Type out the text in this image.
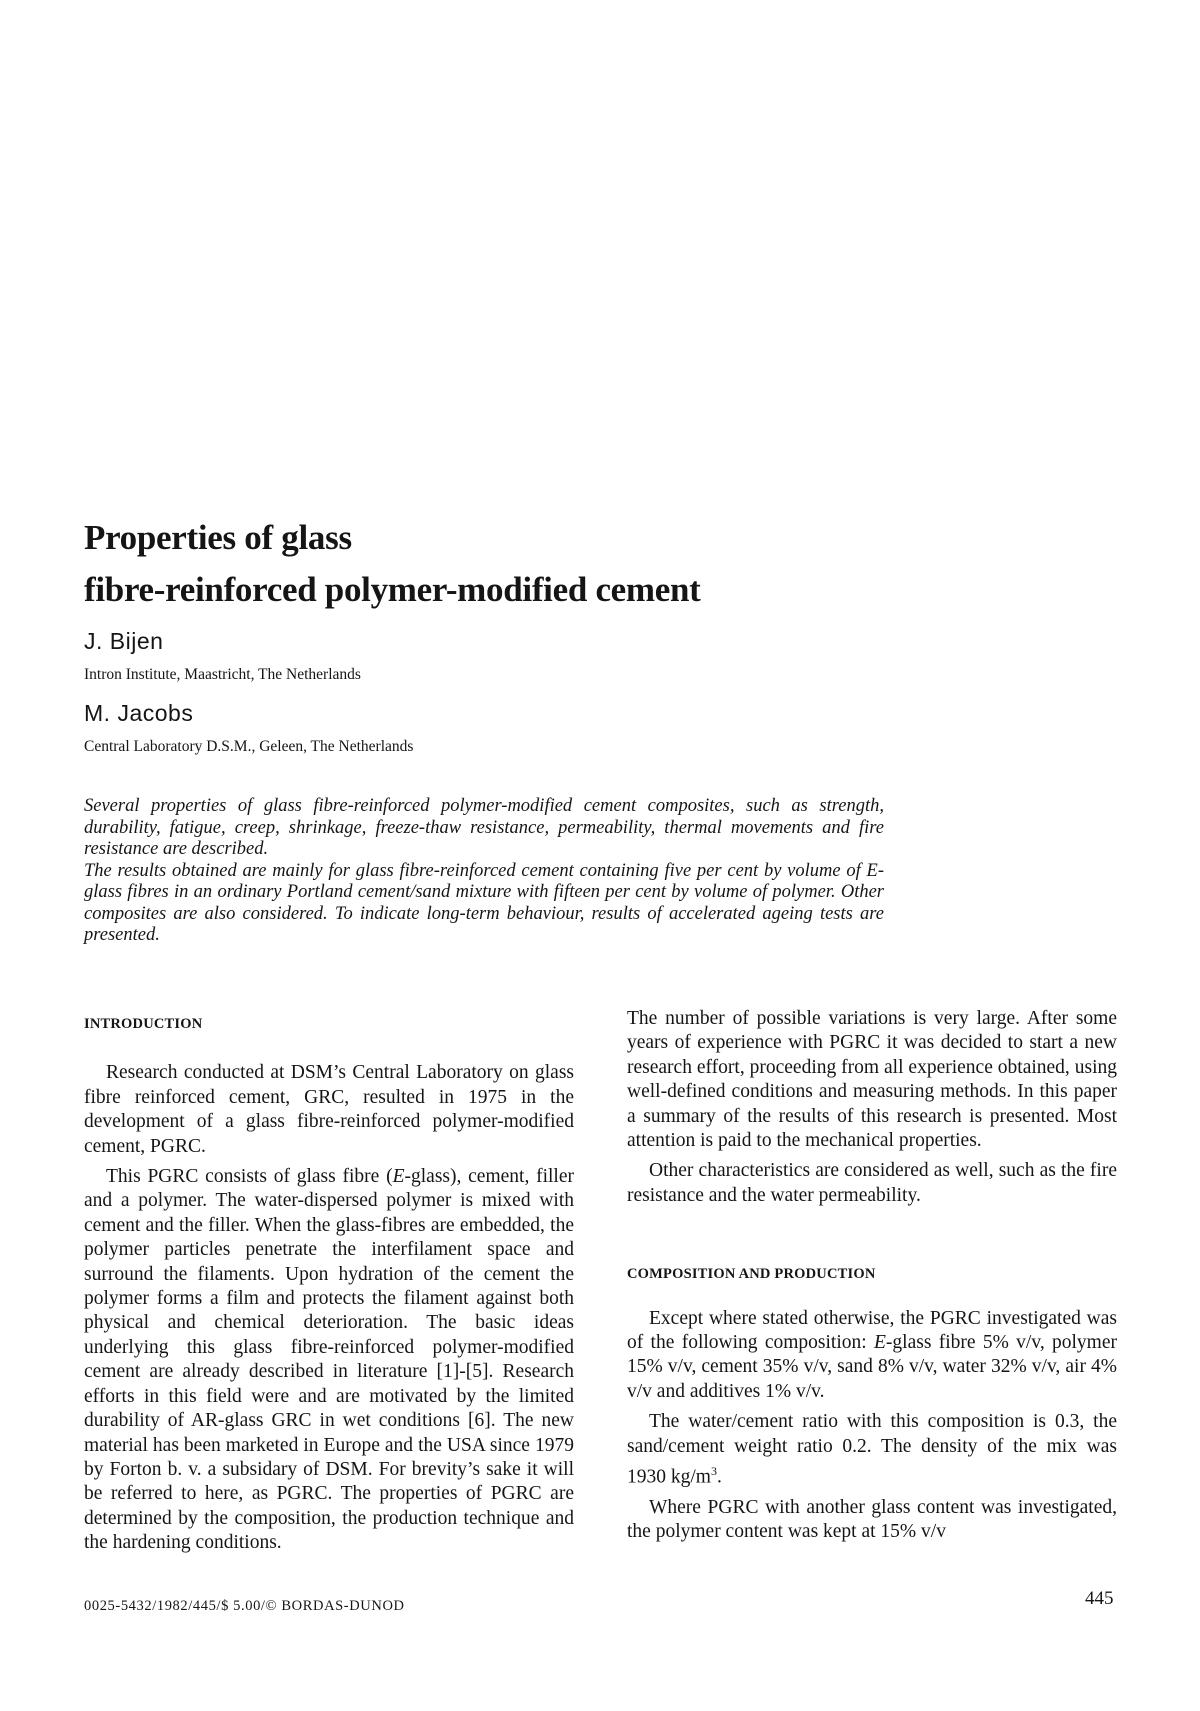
Properties of glass
fibre-reinforced polymer-modified cement
J. Bijen
Intron Institute, Maastricht, The Netherlands
M. Jacobs
Central Laboratory D.S.M., Geleen, The Netherlands

Several properties of glass fibre-reinforced polymer-modified cement composites, such as strength, durability, fatigue, creep, shrinkage, freeze-thaw resistance, permeability, thermal movements and fire resistance are described.

The results obtained are mainly for glass fibre-reinforced cement containing five per cent by volume of E-glass fibres in an ordinary Portland cement/sand mixture with fifteen per cent by volume of polymer. Other composites are also considered. To indicate long-term behaviour, results of accelerated ageing tests are presented.

INTRODUCTION

Research conducted at DSM’s Central Laboratory on glass fibre reinforced cement, GRC, resulted in 1975 in the development of a glass fibre-reinforced polymer-modified cement, PGRC.

This PGRC consists of glass fibre (E-glass), cement, filler and a polymer. The water-dispersed polymer is mixed with cement and the filler. When the glass-fibres are embedded, the polymer particles penetrate the interfilament space and surround the filaments. Upon hydration of the cement the polymer forms a film and protects the filament against both physical and chemical deterioration. The basic ideas underlying this glass fibre-reinforced polymer-modified cement are already described in literature [1]-[5]. Research efforts in this field were and are motivated by the limited durability of AR-glass GRC in wet conditions [6]. The new material has been marketed in Europe and the USA since 1979 by Forton b. v. a subsidary of DSM. For brevity’s sake it will be referred to here, as PGRC. The properties of PGRC are determined by the composition, the production technique and the hardening conditions.

The number of possible variations is very large. After some years of experience with PGRC it was decided to start a new research effort, proceeding from all experience obtained, using well-defined conditions and measuring methods. In this paper a summary of the results of this research is presented. Most attention is paid to the mechanical properties.

Other characteristics are considered as well, such as the fire resistance and the water permeability.

COMPOSITION AND PRODUCTION

Except where stated otherwise, the PGRC investigated was of the following composition: E-glass fibre 5% v/v, polymer 15% v/v, cement 35% v/v, sand 8% v/v, water 32% v/v, air 4% v/v and additives 1% v/v.

The water/cement ratio with this composition is 0.3, the sand/cement weight ratio 0.2. The density of the mix was 1930 $kg/m^3$.

Where PGRC with another glass content was investigated, the polymer content was kept at 15% v/v

0025-5432/1982/445/$ 5.00/© BORDAS-DUNOD	445
